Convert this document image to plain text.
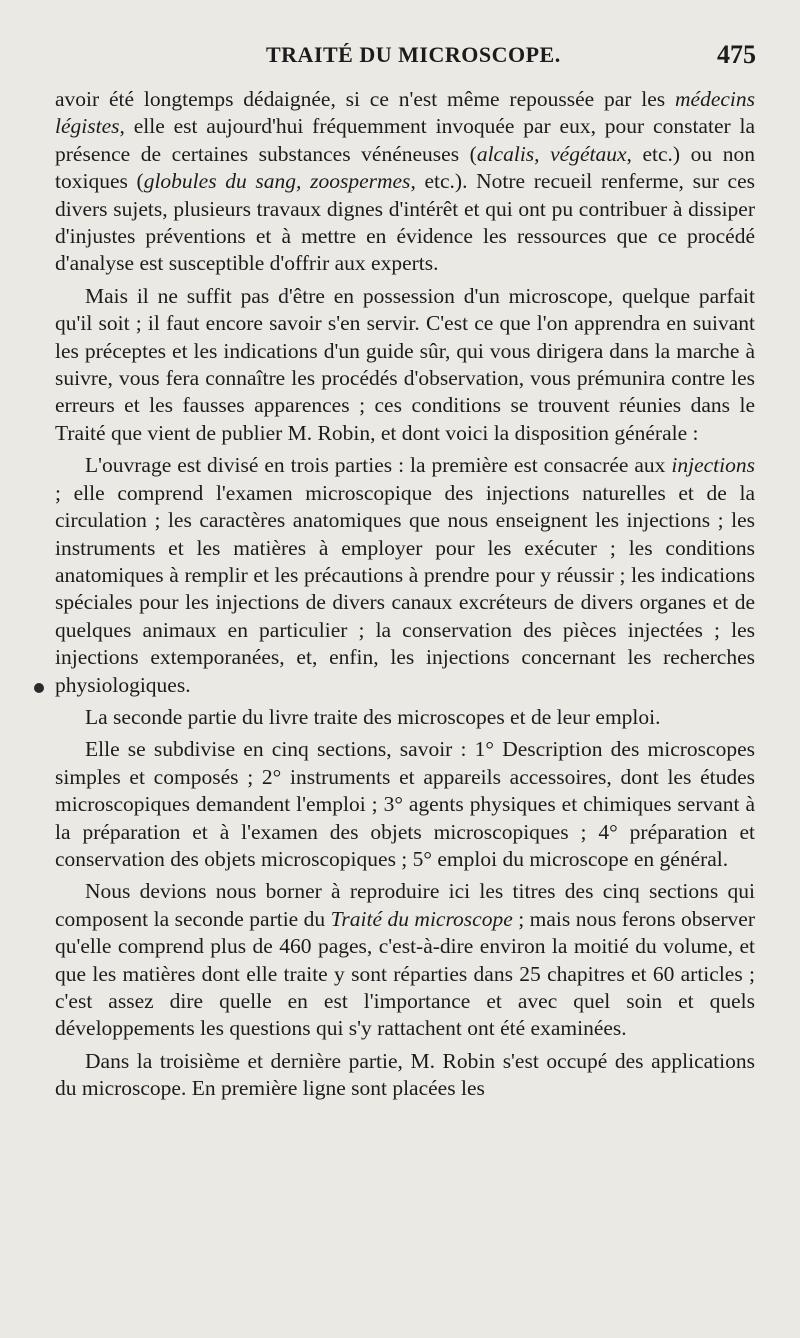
TRAITÉ DU MICROSCOPE.	475

avoir été longtemps dédaignée, si ce n'est même repoussée par les médecins légistes, elle est aujourd'hui fréquemment invoquée par eux, pour constater la présence de certaines substances vénéneuses (alcalis, végétaux, etc.) ou non toxiques (globules du sang, zoospermes, etc.). Notre recueil renferme, sur ces divers sujets, plusieurs travaux dignes d'intérêt et qui ont pu contribuer à dissiper d'injustes préventions et à mettre en évidence les ressources que ce procédé d'analyse est susceptible d'offrir aux experts.

Mais il ne suffit pas d'être en possession d'un microscope, quelque parfait qu'il soit ; il faut encore savoir s'en servir. C'est ce que l'on apprendra en suivant les préceptes et les indications d'un guide sûr, qui vous dirigera dans la marche à suivre, vous fera connaître les procédés d'observation, vous prémunira contre les erreurs et les fausses apparences ; ces conditions se trouvent réunies dans le Traité que vient de publier M. Robin, et dont voici la disposition générale :

L'ouvrage est divisé en trois parties : la première est consacrée aux injections ; elle comprend l'examen microscopique des injections naturelles et de la circulation ; les caractères anatomiques que nous enseignent les injections ; les instruments et les matières à employer pour les exécuter ; les conditions anatomiques à remplir et les précautions à prendre pour y réussir ; les indications spéciales pour les injections de divers canaux excréteurs de divers organes et de quelques animaux en particulier ; la conservation des pièces injectées ; les injections extemporanées, et, enfin, les injections concernant les recherches physiologiques.

La seconde partie du livre traite des microscopes et de leur emploi.

Elle se subdivise en cinq sections, savoir : 1° Description des microscopes simples et composés ; 2° instruments et appareils accessoires, dont les études microscopiques demandent l'emploi ; 3° agents physiques et chimiques servant à la préparation et à l'examen des objets microscopiques ; 4° préparation et conservation des objets microscopiques ; 5° emploi du microscope en général.

Nous devions nous borner à reproduire ici les titres des cinq sections qui composent la seconde partie du Traité du microscope ; mais nous ferons observer qu'elle comprend plus de 460 pages, c'est-à-dire environ la moitié du volume, et que les matières dont elle traite y sont réparties dans 25 chapitres et 60 articles ; c'est assez dire quelle en est l'importance et avec quel soin et quels développements les questions qui s'y rattachent ont été examinées.

Dans la troisième et dernière partie, M. Robin s'est occupé des applications du microscope. En première ligne sont placées les
